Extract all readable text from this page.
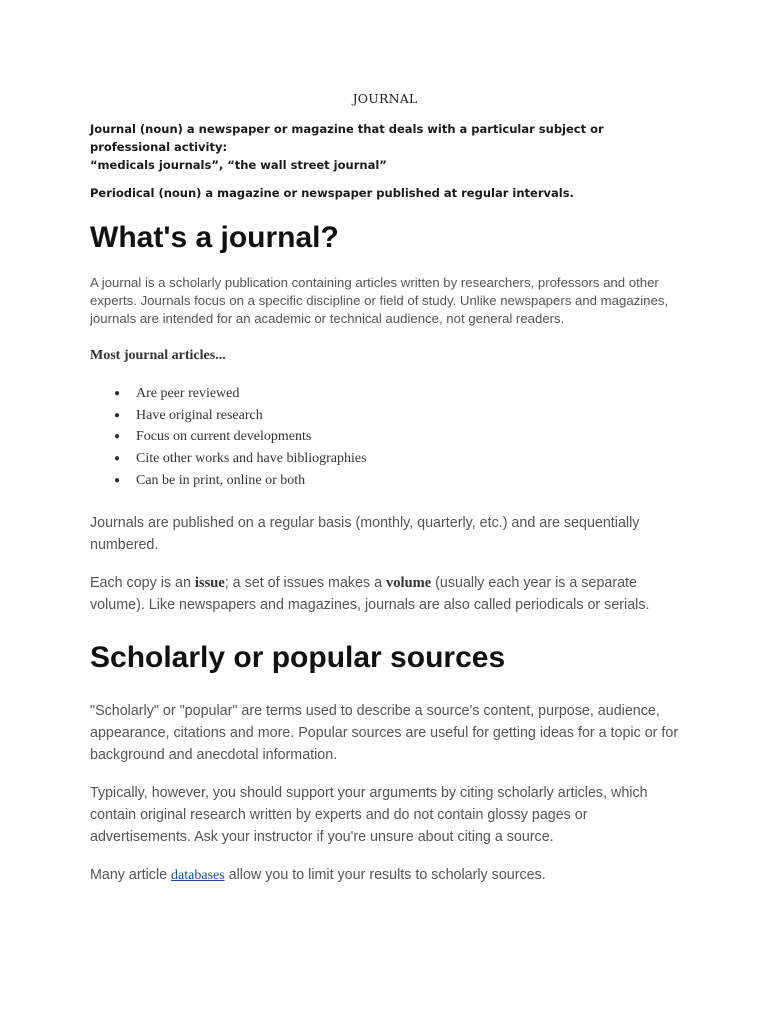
JOURNAL

Journal (noun) a newspaper or magazine that deals with a particular subject or professional activity:
“medicals journals”, “the wall street journal”

Periodical (noun) a magazine or newspaper published at regular intervals.

What's a journal?

A journal is a scholarly publication containing articles written by researchers, professors and other experts. Journals focus on a specific discipline or field of study. Unlike newspapers and magazines, journals are intended for an academic or technical audience, not general readers.

Most journal articles...
● Are peer reviewed
● Have original research
● Focus on current developments
● Cite other works and have bibliographies
● Can be in print, online or both

Journals are published on a regular basis (monthly, quarterly, etc.) and are sequentially numbered.

Each copy is an issue; a set of issues makes a volume (usually each year is a separate volume). Like newspapers and magazines, journals are also called periodicals or serials.

Scholarly or popular sources

"Scholarly" or "popular" are terms used to describe a source's content, purpose, audience, appearance, citations and more. Popular sources are useful for getting ideas for a topic or for background and anecdotal information.

Typically, however, you should support your arguments by citing scholarly articles, which contain original research written by experts and do not contain glossy pages or advertisements. Ask your instructor if you're unsure about citing a source.

Many article databases allow you to limit your results to scholarly sources.
